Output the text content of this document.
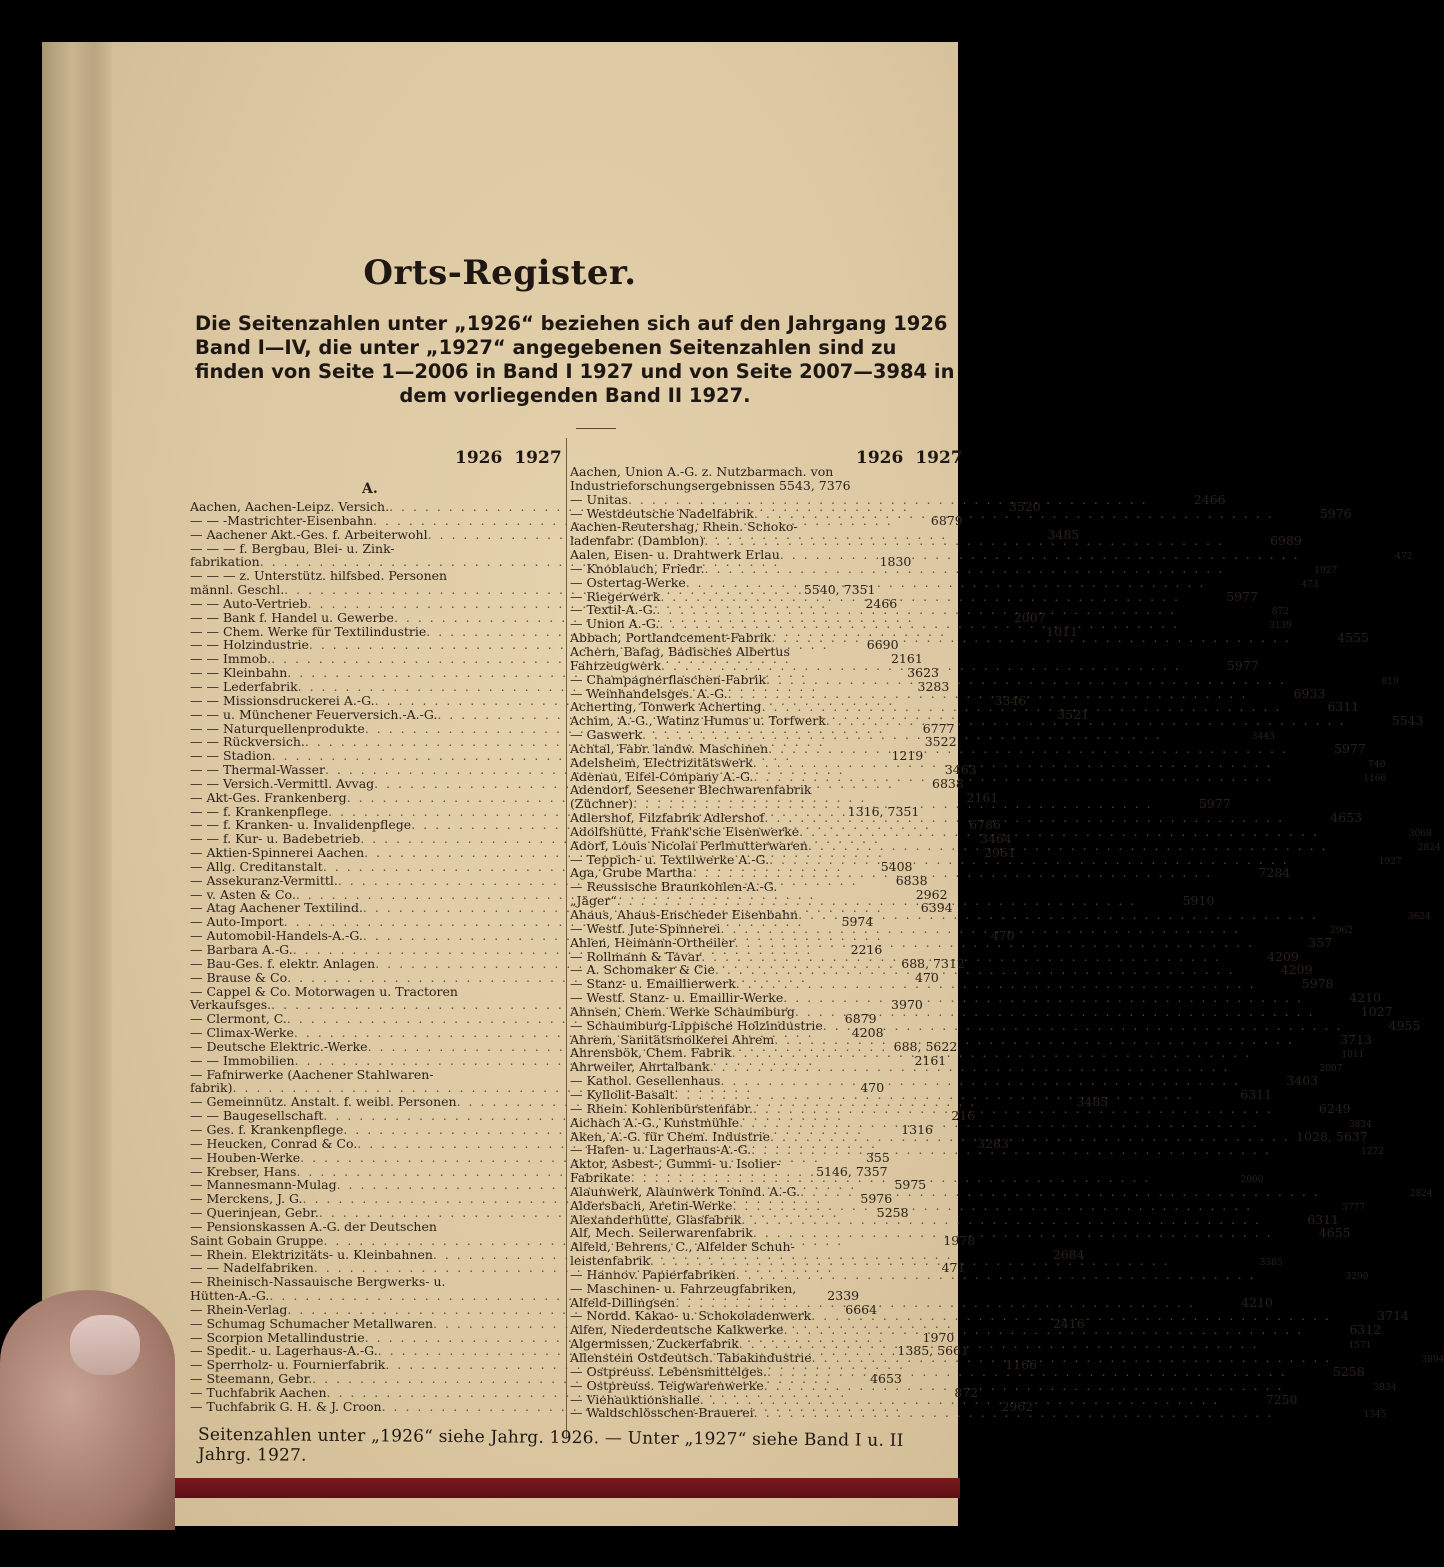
Orts-Register.
Die Seitenzahlen unter „1926“ beziehen sich auf den Jahrgang 1926
Band I—IV, die unter „1927“ angegebenen Seitenzahlen sind zu
finden von Seite 1—2006 in Band I 1927 und von Seite 2007—3984 in

dem vorliegenden Band II 1927.
1926 1927	1926 1927
A.
Aachen, Aachen-Leipz. Versich. . . .	3520
— — -Mastrichter-Eisenbahn . . .	6879
— Aachener Akt.-Ges. f. Arbeiterwohl . . .	3485
— — — f. Bergbau, Blei- u. Zink-
fabrikation . . .	1830
— — — z. Unterstütz. hilfsbed. Personen
männl. Geschl. . . .	5540, 7351
— — Auto-Vertrieb . . .	2466
— — Bank f. Handel u. Gewerbe . . .	2007
— — Chem. Werke für Textilindustrie . . .	1011
— — Holzindustrie . . .	6690
— — Immob. . . .	2161
— — Kleinbahn . . .	3623
— — Lederfabrik . . .	3283
— — Missionsdruckerei A.-G. . . .	3346
— — u. Münchener Feuerversich.-A.-G. . . .	3521
— — Naturquellenprodukte . . .	6777
— — Rückversich. . . .	3522
— — Stadion . . .	1219
— — Thermal-Wasser . . .	3463
— — Versich.-Vermittl. Avvag . . .	6838
— Akt-Ges. Frankenberg . . .	2161
— — f. Krankenpflege . . .	1316, 7351
— — f. Kranken- u. Invalidenpflege . . .	6786
— — f. Kur- u. Badebetrieb . . .	3464
— Aktien-Spinnerei Aachen . . .	2961
— Allg. Creditanstalt . . .	5408
— Assekuranz-Vermittl. . . .	6838
— v. Asten & Co. . . .	2962
— Atag Aachener Textilind. . . .	6394
— Auto-Import . . .	5974
— Automobil-Handels-A.-G. . . .	470
— Barbara A.-G. . . .	2216
— Bau-Ges. f. elektr. Anlagen . . .	688, 7312
— Brause & Co . . .	470
— Cappel & Co. Motorwagen u. Tractoren
Verkaufsges. . . .	3970
— Clermont, C. . . .	6879
— Climax-Werke . . .	4208
— Deutsche Elektric.-Werke . . .	688, 5622
— — Immobilien . . .	2161
— Fafnirwerke (Aachener Stahlwaren-
fabrik) . . .	470
— Gemeinnütz. Anstalt. f. weibl. Personen . . .	3485
— — Baugesellschaft . . .	216
— Ges. f. Krankenpflege . . .	1316
— Heucken, Conrad & Co. . . .	3283
— Houben-Werke . . .	355
— Krebser, Hans . . .	5146, 7357
— Mannesmann-Mulag . . .	5975
— Merckens, J. G. . . .	5976
— Querinjean, Gebr. . . .	5258
— Pensionskassen A.-G. der Deutschen
Saint Gobain Gruppe . . .	1978
— Rhein. Elektrizitäts- u. Kleinbahnen . . .	2684
— — Nadelfabriken . . .	471
— Rheinisch-Nassauische Bergwerks- u.
Hütten-A.-G. . . .	2339
— Rhein-Verlag . . .	6664
— Schumag Schumacher Metallwaren . . .	2416
— Scorpion Metallindustrie . . .	1970
— Spedit.- u. Lagerhaus-A.-G. . . .	1385, 5661
— Sperrholz- u. Fournierfabrik . . .	1166
— Steemann, Gebr. . . .	4653
— Tuchfabrik Aachen . . .	872
— Tuchfabrik G. H. & J. Croon . . .	2962
Aachen, Union A.-G. z. Nutzbarmach. von
Industrieforschungsergebnissen 5543, 7376
— Unitas . . .	2466
— Westdeutsche Nadelfabrik . . .	5976
Aachen-Reutershag, Rhein. Schoko-
ladenfabr. (Damblon) . . .	6989
Aalen, Eisen- u. Drahtwerk Erlau . . .	472
— Knoblauch, Friedr. . . .	1927
— Ostertag-Werke . . .	473
— Riegerwerk . . .	5977
— Textil-A.-G. . . .	872
— Union A.-G. . . .	3139
Abbach, Portlandcement-Fabrik . . .	4555
Achern, Bafag, Badisches Albertus
Fahrzeugwerk . . .	5977
— Champagnerflaschen-Fabrik . . .	819
— Weinhandelsges. A.-G. . . .	6933
Acherting, Tonwerk Acherting . . .	6311
Achim, A.-G., Watinz Humus u. Torfwerk . . .	5543
— Gaswerk . . .	3443
Achtal, Fabr. landw. Maschinen . . .	5977
Adelsheim, Electrizitätswerk . . .	740
Adenau, Eifel-Company A.-G. . . .	1166
Adendorf, Seesener Blechwarenfabrik
(Züchner) . . .	5977
Adlershof, Filzfabrik Adlershof . . .	4653
Adolfshütte, Frank'sche Eisenwerke . . .	3068
Adorf, Louis Nicolai Perlmutterwaren . . .	2824
— Teppich- u. Textilwerke A.-G. . . .	1927
Aga, Grube Martha . . .	7284
— Reussische Braunkohlen-A.-G.
„Jäger“ . . .	5910
Ahaus, Ahaus-Enscheder Eisenbahn . . .	3624
— Westf. Jute-Spinnerei . . .	2962
Ahlen, Heimann-Ortheiler . . .	357
— Rollmann & Tavar . . .	4209
— A. Schomaker & Cie . . .	4209
— Stanz- u. Emaillierwerk . . .	5978
— Westf. Stanz- u. Emaillir-Werke . . .	4210
Ahnsen, Chem. Werke Schaumburg . . .	1027
— Schaumburg-Lippische Holzindustrie . . .	4955
Ahrem, Sanitätsmolkerei Ahrem . . .	3713
Ahrensbök, Chem. Fabrik . . .	1011
Ahrweiler, Ahrtalbank . . .	2007
— Kathol. Gesellenhaus . . .	3403
— Kyllolit-Basalt . . .	6311
— Rhein. Kohlenbürstenfabr. . . .	6249
Aichach A.-G., Kunstmühle . . .	3834
Aken, A.-G. für Chem. Industrie . . .	1028, 5637
— Hafen- u. Lagerhaus-A.-G. . . .	1272
Aktor, Asbest-, Gummi- u. Isolier-
Fabrikate . . .	2000
Alaunwerk, Alaunwerk Tonind. A.-G. . . .	2824
Aldersbach, Aretin-Werke . . .	3777
Alexanderhütte, Glasfabrik . . .	6311
Alf, Mech. Seilerwarenfabrik . . .	4655
Alfeld, Behrens, C., Alfelder Schuh-
leistenfabrik . . .	3385
— Hannov. Papierfabriken . . .	3290
— Maschinen- u. Fahrzeugfabriken,
Alfeld-Dillingsen . . .	4210
— Nordd. Kakao- u. Schokoladenwerk . . .	3714
Alfen, Niederdeutsche Kalkwerke . . .	6312
Algermissen, Zuckerfabrik . . .	1571
Allenstein Ostdeutsch. Tabakindustrie . . .	3894
— Ostpreuss. Lebensmittelges. . . .	5258
— Ostpreuss. Teigwarenwerke . . .	3834
— Viehauktionshalle . . .	7250
— Waldschlösschen-Brauerei . . .	1345
Seitenzahlen unter „1926“ siehe Jahrg. 1926. — Unter „1927“ siehe Band I u. II Jahrg. 1927.
